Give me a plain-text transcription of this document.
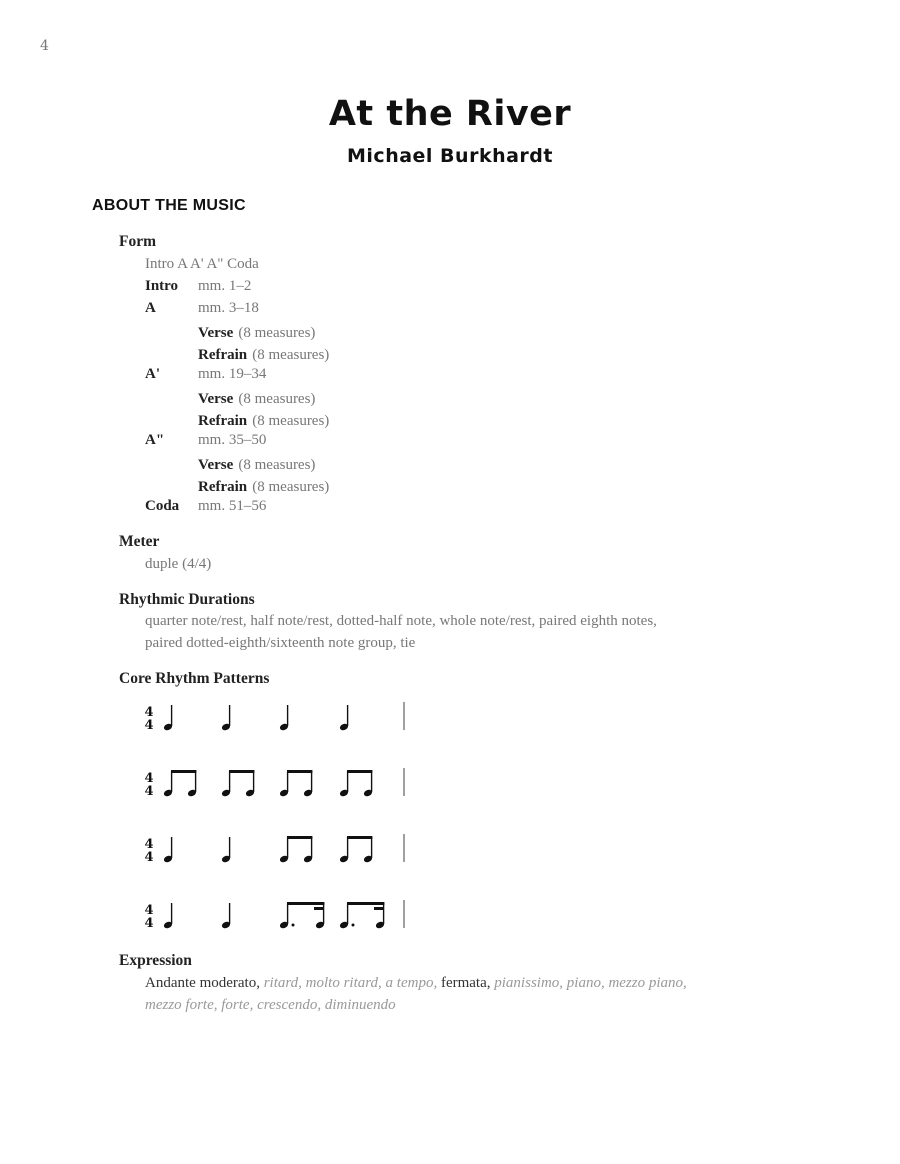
4
At the River
Michael Burkhardt
ABOUT THE MUSIC
Form
Intro A A' A" Coda
Intro mm. 1–2
A	mm. 3–18
Verse (8 measures)
Refrain (8 measures)
A'	mm. 19–34
Verse (8 measures)
Refrain (8 measures)
A" mm. 35–50
Verse (8 measures)
Refrain (8 measures)
Coda mm. 51–56
Meter
duple (4/4)
Rhythmic Durations
quarter note/rest, half note/rest, dotted-half note, whole note/rest, paired eighth notes,
paired dotted-eighth/sixteenth note group, tie
Core Rhythm Patterns
4
4
4
4
4
4
4
4
Expression
Andante moderato, ritard, molto ritard, a tempo, fermata, pianissimo, piano, mezzo piano,
mezzo forte, forte, crescendo, diminuendo
